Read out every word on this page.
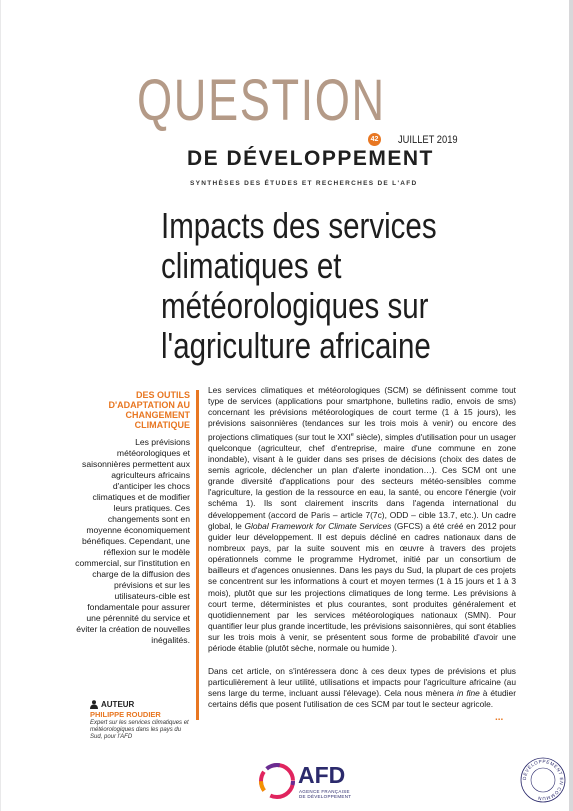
QUESTION
42 JUILLET 2019
DE DÉVELOPPEMENT
SYNTHÈSES DES ÉTUDES ET RECHERCHES DE L'AFD
Impacts des services
climatiques et
météorologiques sur
l'agriculture africaine
DES OUTILS D'ADAPTATION AU CHANGEMENT CLIMATIQUE
Les prévisions météorologiques et saisonnières permettent aux agriculteurs africains d'anticiper les chocs climatiques et de modifier leurs pratiques. Ces changements sont en moyenne économiquement bénéfiques. Cependant, une réflexion sur le modèle commercial, sur l'institution en charge de la diffusion des prévisions et sur les utilisateurs-cible est fondamentale pour assurer une pérennité du service et éviter la création de nouvelles inégalités.
AUTEUR
PHILIPPE ROUDIER
Expert sur les services climatiques et météorologiques dans les pays du Sud, pour l'AFD

Les services climatiques et météorologiques (SCM) se définissent comme tout type de services (applications pour smartphone, bulletins radio, envois de sms) concernant les prévisions météorologiques de court terme (1 à 15 jours), les prévisions saisonnières (tendances sur les trois mois à venir) ou encore des projections climatiques (sur tout le XXIe siècle), simples d'utilisation pour un usager quelconque (agriculteur, chef d'entreprise, maire d'une commune en zone inondable), visant à le guider dans ses prises de décisions (choix des dates de semis agricole, déclencher un plan d'alerte inondation…). Ces SCM ont une grande diversité d'applications pour des secteurs météo-sensibles comme l'agriculture, la gestion de la ressource en eau, la santé, ou encore l'énergie (voir schéma 1). Ils sont clairement inscrits dans l'agenda international du développement (accord de Paris – article 7(7c), ODD – cible 13.7, etc.). Un cadre global, le Global Framework for Climate Services (GFCS) a été créé en 2012 pour guider leur développement. Il est depuis décliné en cadres nationaux dans de nombreux pays, par la suite souvent mis en œuvre à travers des projets opérationnels comme le programme Hydromet, initié par un consortium de bailleurs et d'agences onusiennes. Dans les pays du Sud, la plupart de ces projets se concentrent sur les informations à court et moyen termes (1 à 15 jours et 1 à 3 mois), plutôt que sur les projections climatiques de long terme. Les prévisions à court terme, déterministes et plus courantes, sont produites généralement et quotidiennement par les services météorologiques nationaux (SMN). Pour quantifier leur plus grande incertitude, les prévisions saisonnières, qui sont établies sur les trois mois à venir, se présentent sous forme de probabilité d'avoir une période établie (plutôt sèche, normale ou humide ).

Dans cet article, on s'intéressera donc à ces deux types de prévisions et plus particulièrement à leur utilité, utilisations et impacts pour l'agriculture africaine (au sens large du terme, incluant aussi l'élevage). Cela nous mènera in fine à étudier certains défis que posent l'utilisation de ces SCM par tout le secteur agricole.

...
AFD
AGENCE FRANÇAISE
DE DÉVELOPPEMENT
DÉVELOPPEMENT EN COMMUN
